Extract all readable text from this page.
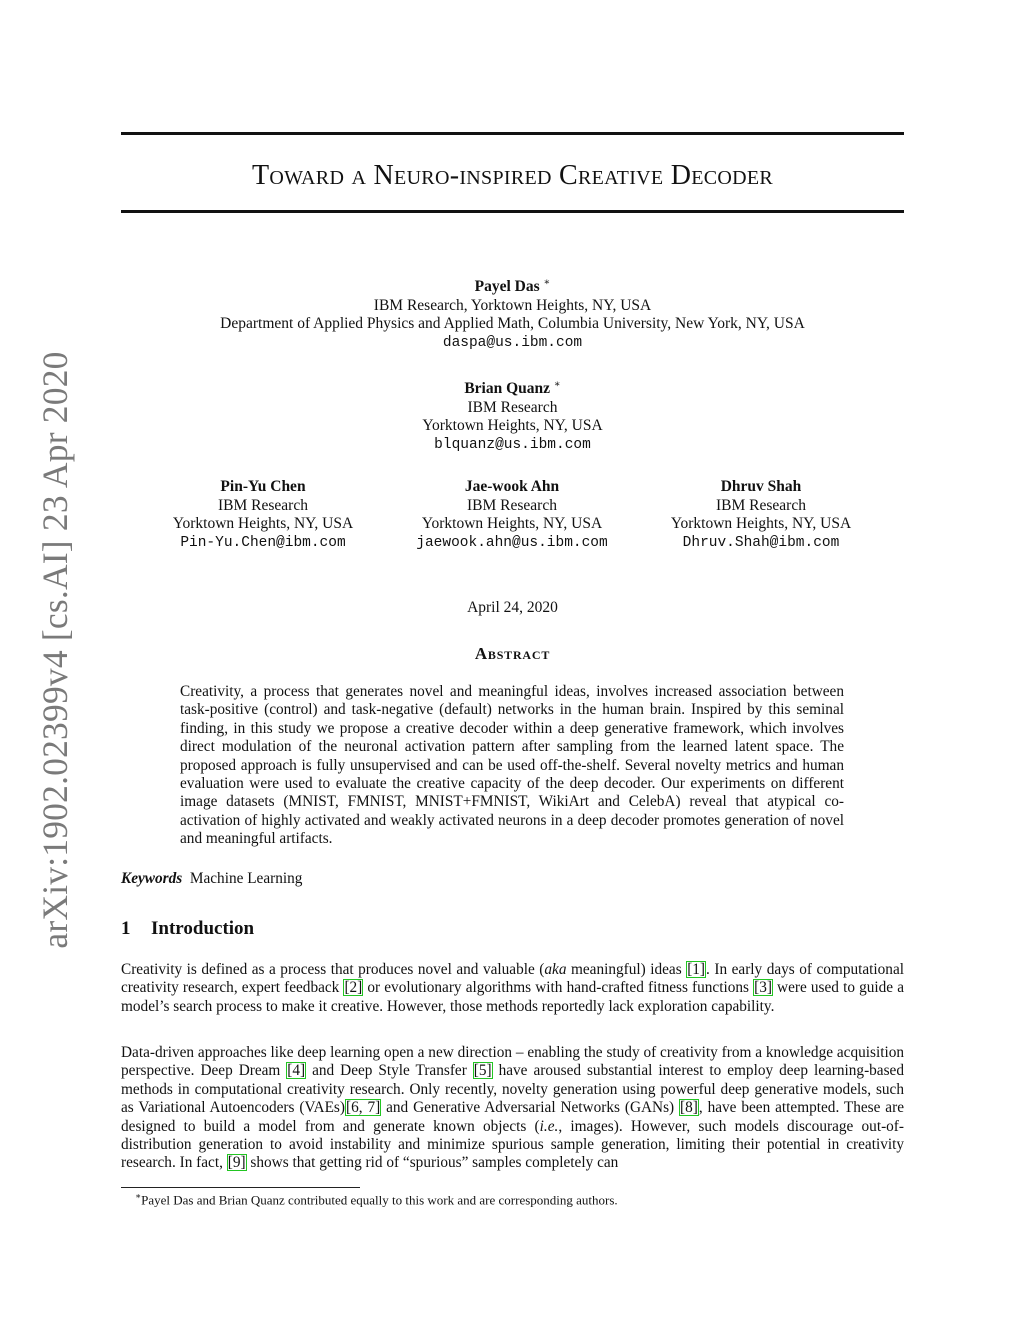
arXiv:1902.02399v4 [cs.AI] 23 Apr 2020
Toward a Neuro-inspired Creative Decoder
Payel Das ∗
IBM Research, Yorktown Heights, NY, USA
Department of Applied Physics and Applied Math, Columbia University, New York, NY, USA
daspa@us.ibm.com
Brian Quanz ∗
IBM Research
Yorktown Heights, NY, USA
blquanz@us.ibm.com
Pin-Yu Chen
IBM Research
Yorktown Heights, NY, USA
Pin-Yu.Chen@ibm.com
Jae-wook Ahn
IBM Research
Yorktown Heights, NY, USA
jaewook.ahn@us.ibm.com
Dhruv Shah
IBM Research
Yorktown Heights, NY, USA
Dhruv.Shah@ibm.com
April 24, 2020
Abstract
Creativity, a process that generates novel and meaningful ideas, involves increased association between task-positive (control) and task-negative (default) networks in the human brain. Inspired by this seminal finding, in this study we propose a creative decoder within a deep generative framework, which involves direct modulation of the neuronal activation pattern after sampling from the learned latent space. The proposed approach is fully unsupervised and can be used off-the-shelf. Several novelty metrics and human evaluation were used to evaluate the creative capacity of the deep decoder. Our experiments on different image datasets (MNIST, FMNIST, MNIST+FMNIST, WikiArt and CelebA) reveal that atypical co-activation of highly activated and weakly activated neurons in a deep decoder promotes generation of novel and meaningful artifacts.
Keywords Machine Learning
1 Introduction
Creativity is defined as a process that produces novel and valuable (aka meaningful) ideas [1]. In early days of computational creativity research, expert feedback [2] or evolutionary algorithms with hand-crafted fitness functions [3] were used to guide a model’s search process to make it creative. However, those methods reportedly lack exploration capability.
Data-driven approaches like deep learning open a new direction – enabling the study of creativity from a knowledge acquisition perspective. Deep Dream [4] and Deep Style Transfer [5] have aroused substantial interest to employ deep learning-based methods in computational creativity research. Only recently, novelty generation using powerful deep generative models, such as Variational Autoencoders (VAEs)[6, 7] and Generative Adversarial Networks (GANs) [8], have been attempted. These are designed to build a model from and generate known objects (i.e., images). However, such models discourage out-of-distribution generation to avoid instability and minimize spurious sample generation, limiting their potential in creativity research. In fact, [9] shows that getting rid of “spurious” samples completely can
∗Payel Das and Brian Quanz contributed equally to this work and are corresponding authors.
